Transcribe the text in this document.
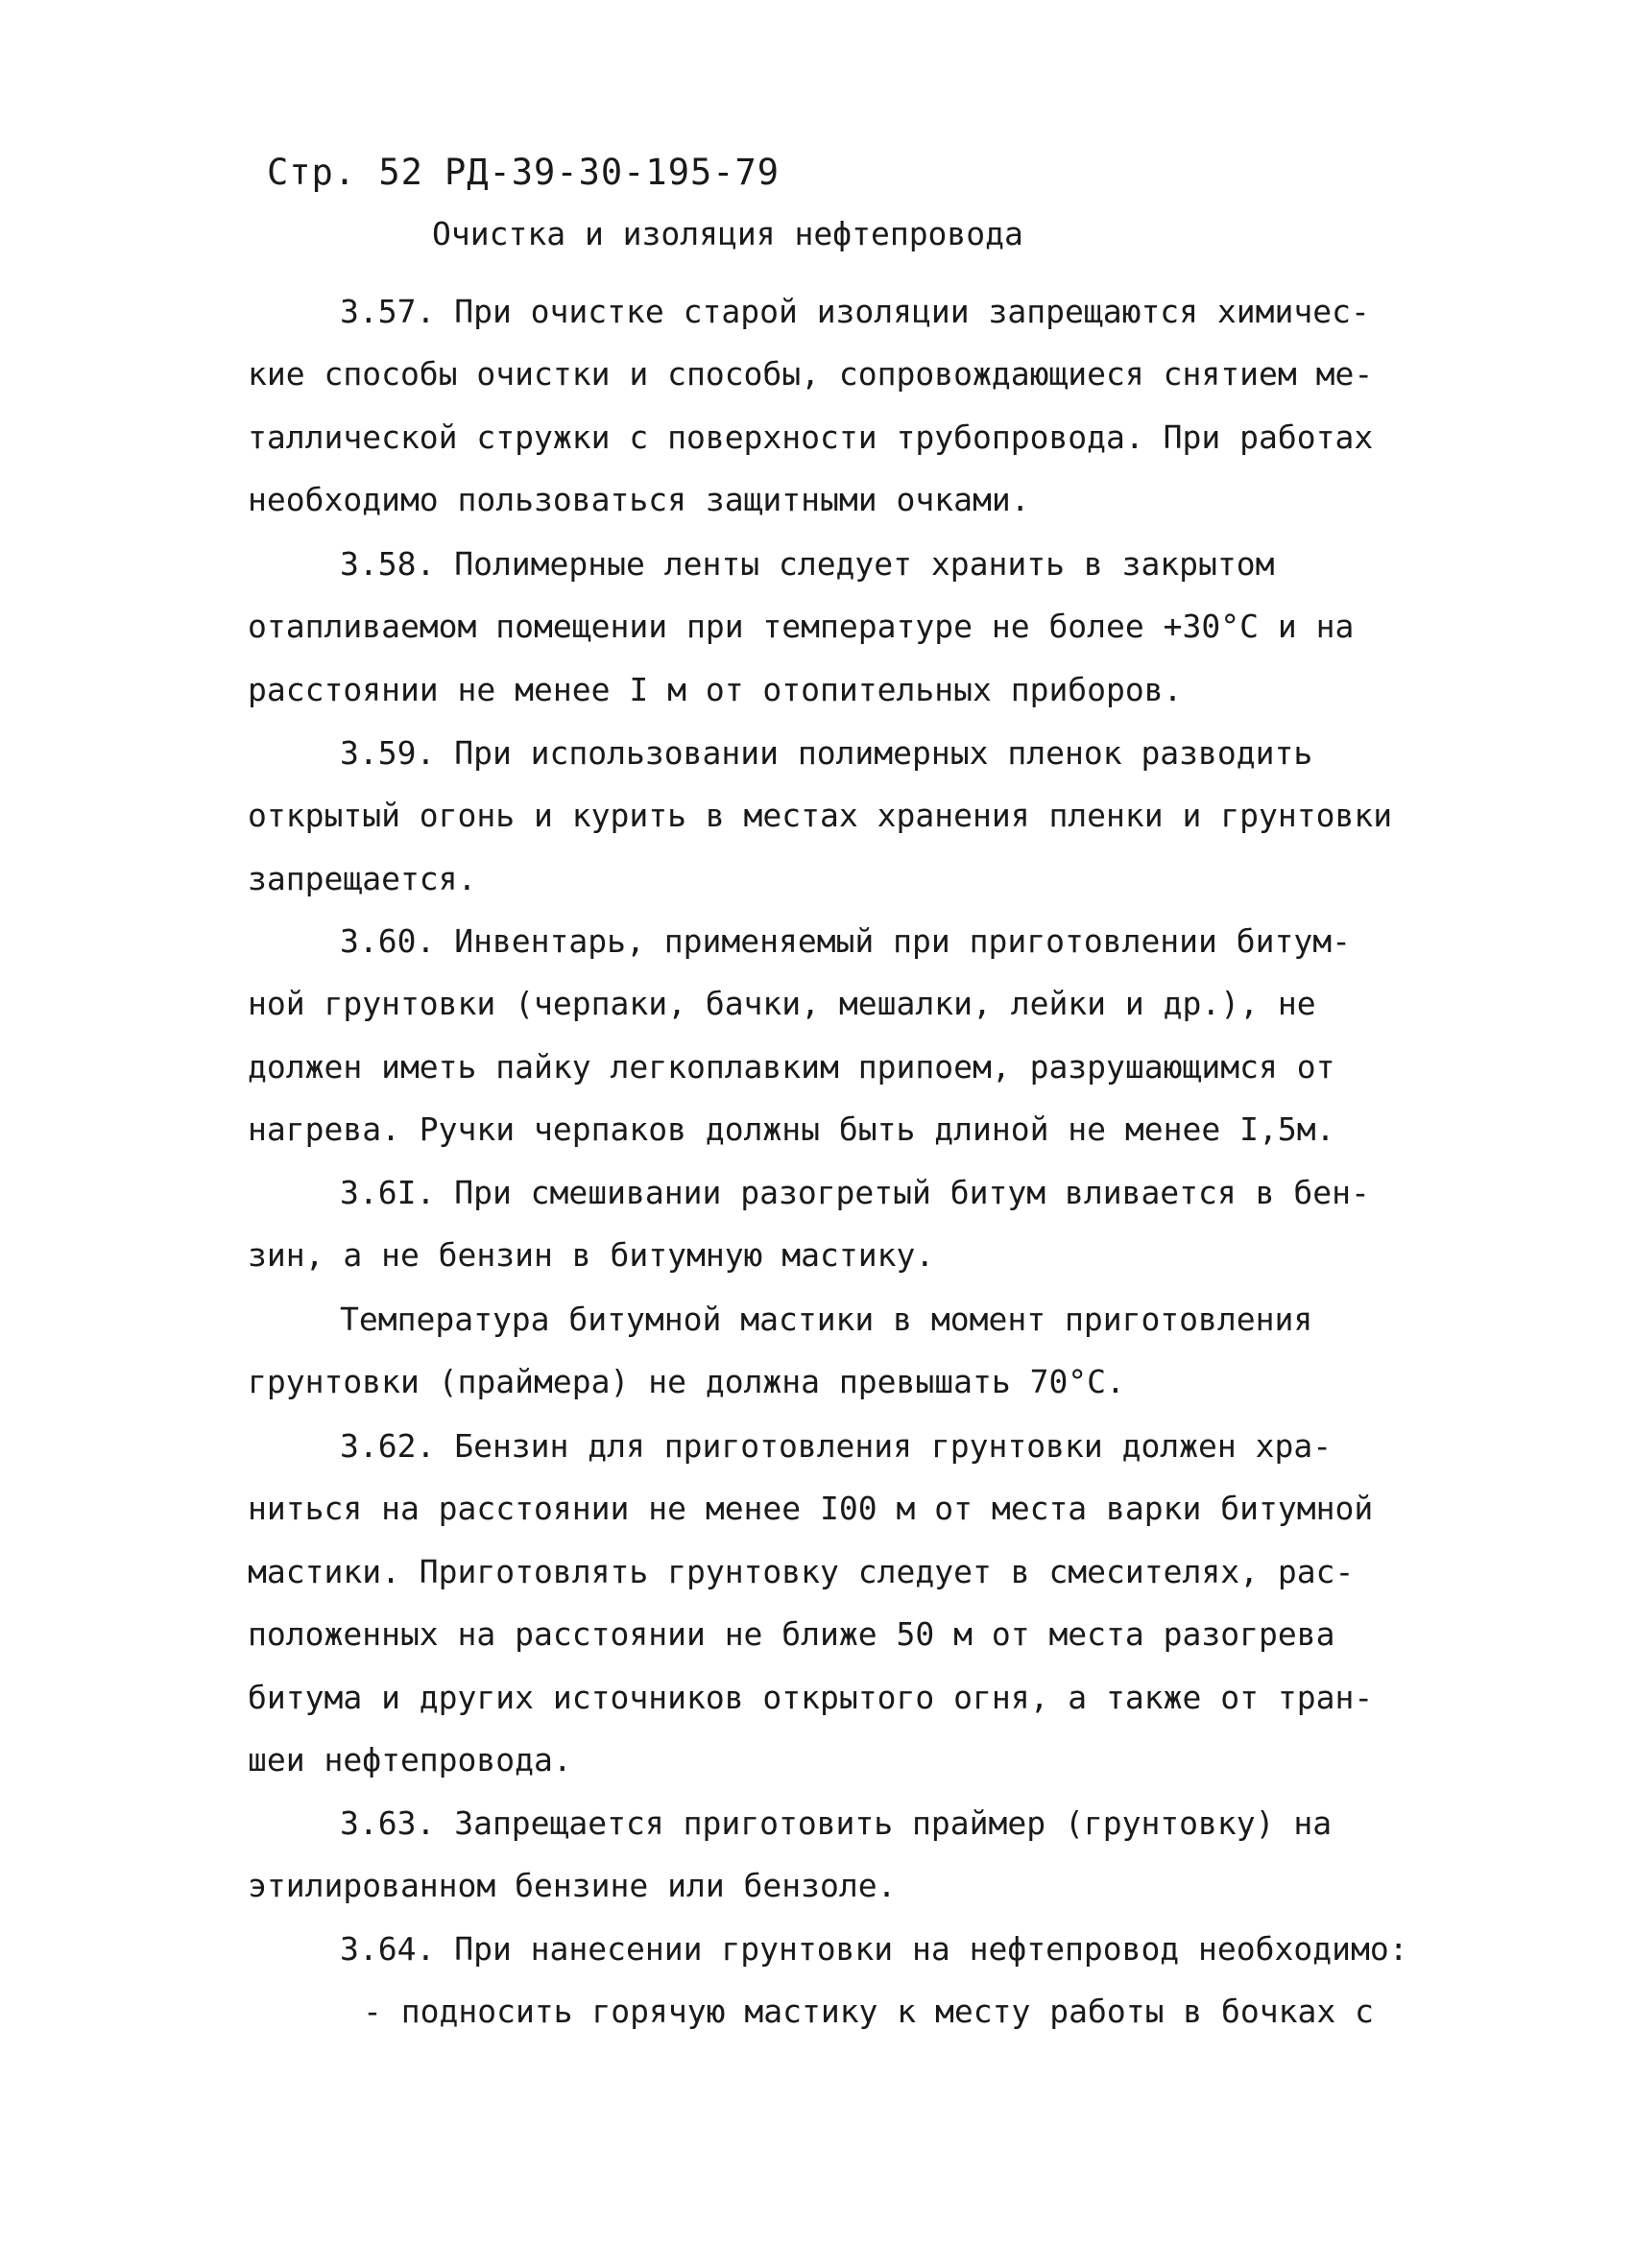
Стр. 52 РД-39-30-195-79
Очистка и изоляция нефтепровода
3.57. При очистке старой изоляции запрещаются химичес-
кие способы очистки и способы, сопровождающиеся снятием ме-
таллической стружки с поверхности трубопровода. При работах
необходимо пользоваться защитными очками.
3.58. Полимерные ленты следует хранить в закрытом
отапливаемом помещении при температуре не более +30°С и на
расстоянии не менее I м от отопительных приборов.
3.59. При использовании полимерных пленок разводить
открытый огонь и курить в местах хранения пленки и грунтовки
запрещается.
3.60. Инвентарь, применяемый при приготовлении битум-
ной грунтовки (черпаки, бачки, мешалки, лейки и др.), не
должен иметь пайку легкоплавким припоем, разрушающимся от
нагрева. Ручки черпаков должны быть длиной не менее I,5м.
3.6I. При смешивании разогретый битум вливается в бен-
зин, а не бензин в битумную мастику.
Температура битумной мастики в момент приготовления
грунтовки (праймера) не должна превышать 70°С.
3.62. Бензин для приготовления грунтовки должен хра-
ниться на расстоянии не менее I00 м от места варки битумной
мастики. Приготовлять грунтовку следует в смесителях, рас-
положенных на расстоянии не ближе 50 м от места разогрева
битума и других источников открытого огня, а также от тран-
шеи нефтепровода.
3.63. Запрещается приготовить праймер (грунтовку) на
этилированном бензине или бензоле.
3.64. При нанесении грунтовки на нефтепровод необходимо:
- подносить горячую мастику к месту работы в бочках с
